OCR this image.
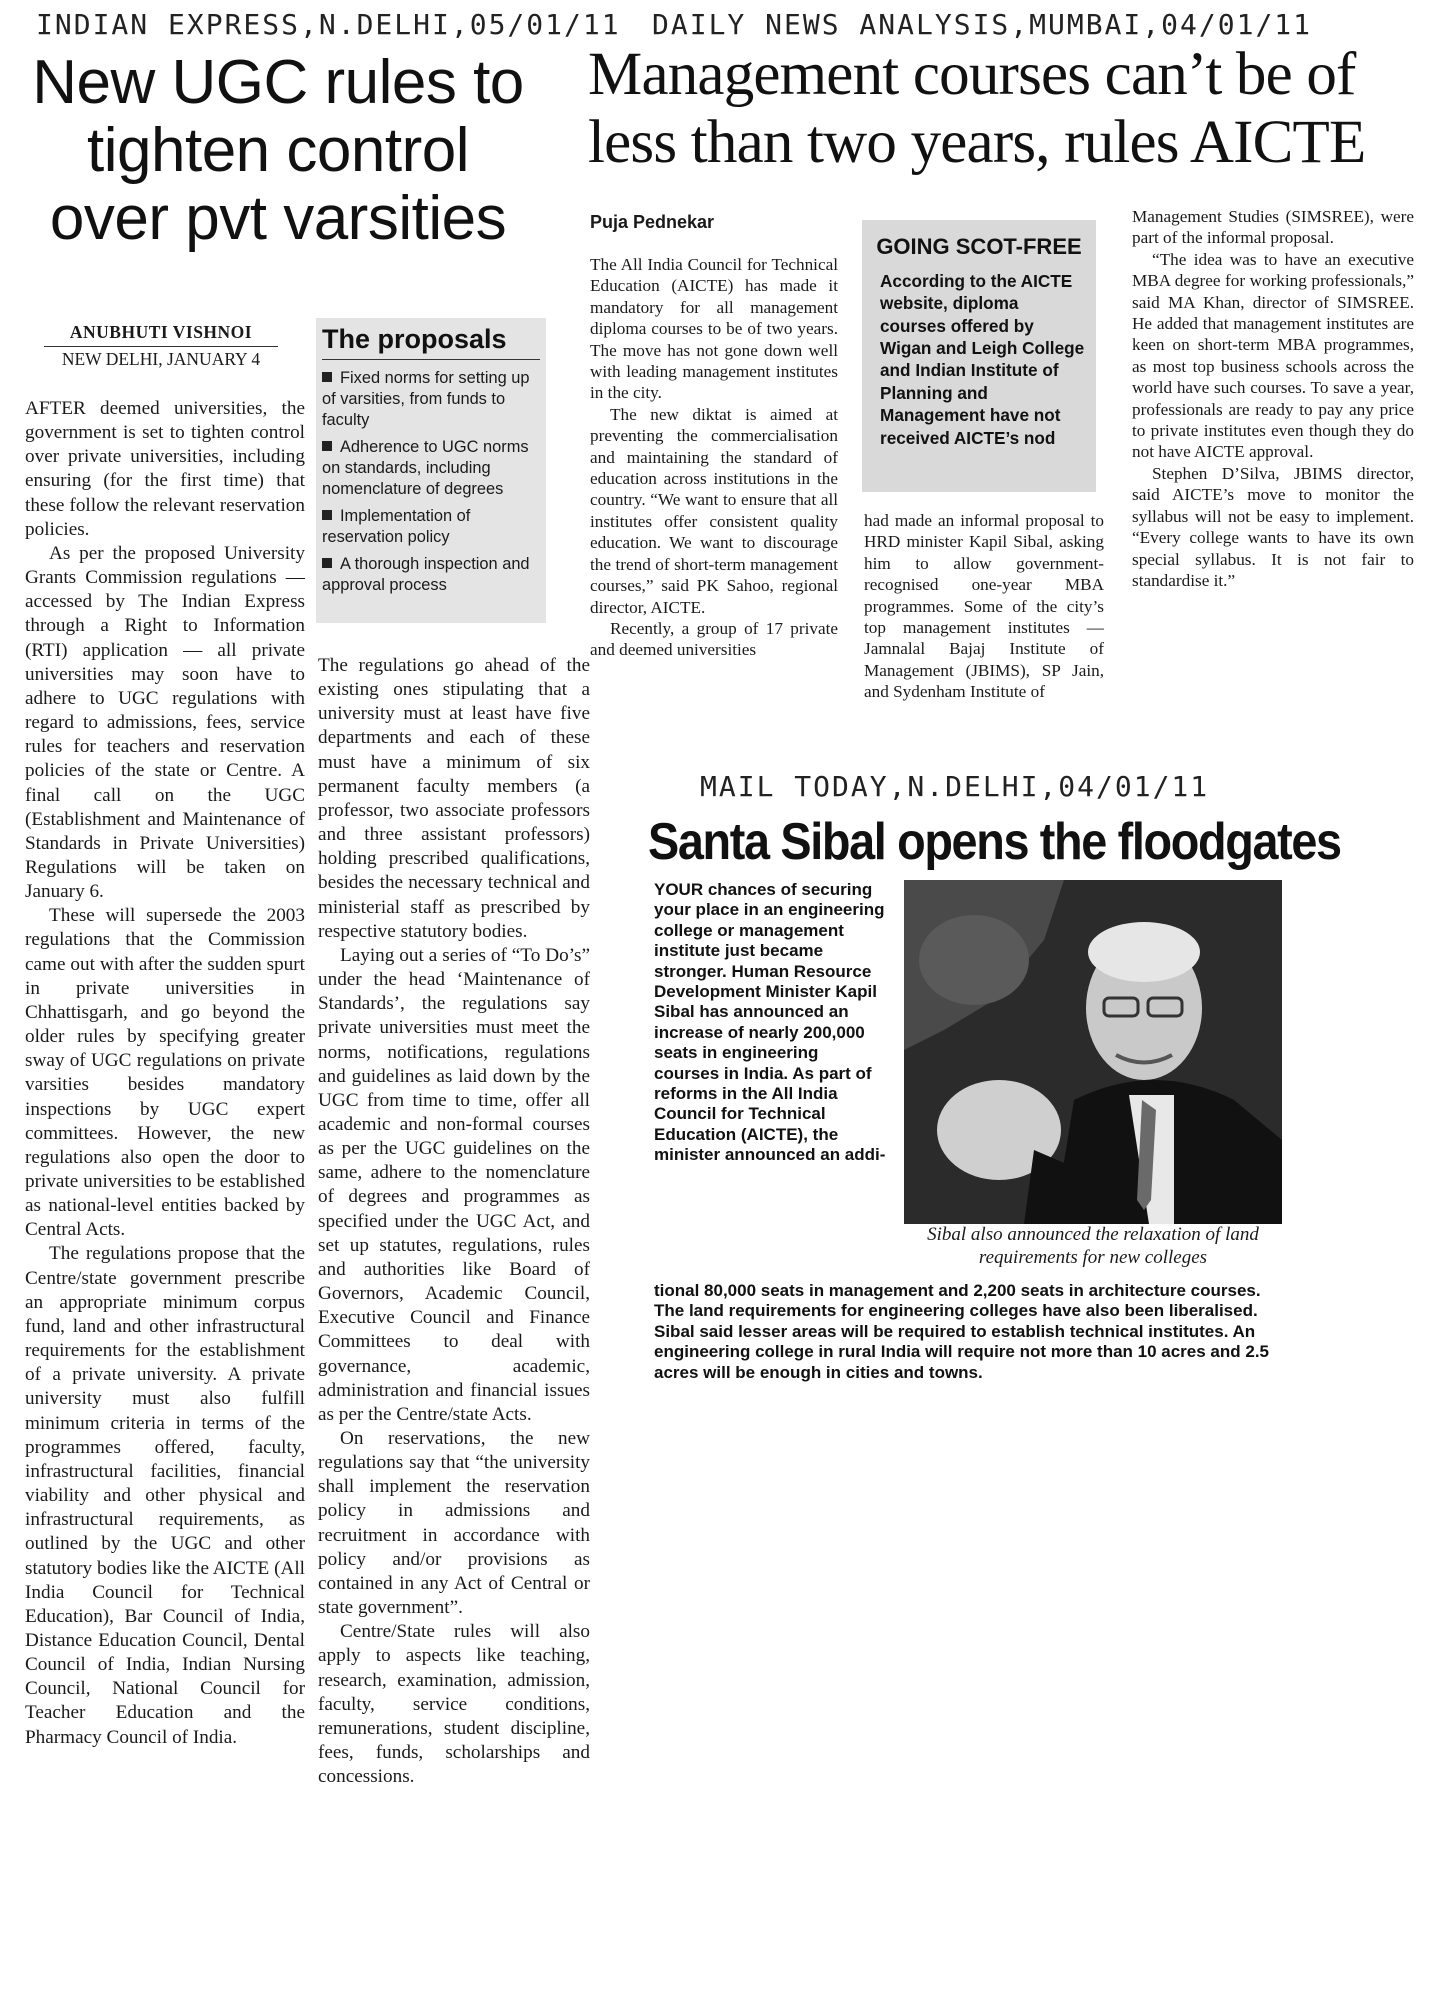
INDIAN EXPRESS,N.DELHI,05/01/11 DAILY NEWS ANALYSIS,MUMBAI,04/01/11
New UGC rules to
tighten control
over pvt varsities
ANUBHUTI VISHNOI
NEW DELHI, JANUARY 4

AFTER deemed universities, the government is set to tighten control over private universities, including ensuring (for the first time) that these follow the relevant reservation policies.

As per the proposed University Grants Commission regulations — accessed by The Indian Express through a Right to Information (RTI) application — all private universities may soon have to adhere to UGC regulations with regard to admissions, fees, service rules for teachers and reservation policies of the state or Centre. A final call on the UGC (Establishment and Maintenance of Standards in Private Universities) Regulations will be taken on January 6.

These will supersede the 2003 regulations that the Commission came out with after the sudden spurt in private universities in Chhattisgarh, and go beyond the older rules by specifying greater sway of UGC regulations on private varsities besides mandatory inspections by UGC expert committees. However, the new regulations also open the door to private universities to be established as national-level entities backed by Central Acts.

The regulations propose that the Centre/state government prescribe an appropriate minimum corpus fund, land and other infrastructural requirements for the establishment of a private university. A private university must also fulfill minimum criteria in terms of the programmes offered, faculty, infrastructural facilities, financial viability and other physical and infrastructural requirements, as outlined by the UGC and other statutory bodies like the AICTE (All India Council for Technical Education), Bar Council of India, Distance Education Council, Dental Council of India, Indian Nursing Council, National Council for Teacher Education and the Pharmacy Council of India.

The proposals
Fixed norms for setting up of varsities, from funds to faculty
Adherence to UGC norms on standards, including nomenclature of degrees
Implementation of reservation policy
A thorough inspection and approval process

The regulations go ahead of the existing ones stipulating that a university must at least have five departments and each of these must have a minimum of six permanent faculty members (a professor, two associate professors and three assistant professors) holding prescribed qualifications, besides the necessary technical and ministerial staff as prescribed by respective statutory bodies.

Laying out a series of “To Do’s” under the head ‘Maintenance of Standards’, the regulations say private universities must meet the norms, notifications, regulations and guidelines as laid down by the UGC from time to time, offer all academic and non-formal courses as per the UGC guidelines on the same, adhere to the nomenclature of degrees and programmes as specified under the UGC Act, and set up statutes, regulations, rules and authorities like Board of Governors, Academic Council, Executive Council and Finance Committees to deal with governance, academic, administration and financial issues as per the Centre/state Acts.

On reservations, the new regulations say that “the university shall implement the reservation policy in admissions and recruitment in accordance with policy and/or provisions as contained in any Act of Central or state government”.

Centre/State rules will also apply to aspects like teaching, research, examination, admission, faculty, service conditions, remunerations, student discipline, fees, funds, scholarships and concessions.

Management courses can’t be of
less than two years, rules AICTE
Puja Pednekar

The All India Council for Technical Education (AICTE) has made it mandatory for all management diploma courses to be of two years. The move has not gone down well with leading management institutes in the city.

The new diktat is aimed at preventing the commercialisation and maintaining the standard of education across institutions in the country. “We want to ensure that all institutes offer consistent quality education. We want to discourage the trend of short-term management courses,” said PK Sahoo, regional director, AICTE.

Recently, a group of 17 private and deemed universities

GOING SCOT-FREE
According to the AICTE website, diploma courses offered by Wigan and Leigh College and Indian Institute of Planning and Management have not received AICTE’s nod

had made an informal proposal to HRD minister Kapil Sibal, asking him to allow government-recognised one-year MBA programmes. Some of the city’s top management institutes — Jamnalal Bajaj Institute of Management (JBIMS), SP Jain, and Sydenham Institute of

Management Studies (SIMSREE), were part of the informal proposal.

“The idea was to have an executive MBA degree for working professionals,” said MA Khan, director of SIMSREE. He added that management institutes are keen on short-term MBA programmes, as most top business schools across the world have such courses. To save a year, professionals are ready to pay any price to private institutes even though they do not have AICTE approval.

Stephen D’Silva, JBIMS director, said AICTE’s move to monitor the syllabus will not be easy to implement. “Every college wants to have its own special syllabus. It is not fair to standardise it.”

MAIL TODAY,N.DELHI,04/01/11
Santa Sibal opens the floodgates
Sibal also announced the relaxation of land requirements for new colleges
YOUR chances of securing your place in an engineering college or management institute just became stronger. Human Resource Development Minister Kapil Sibal has announced an increase of nearly 200,000 seats in engineering courses in India. As part of reforms in the All India Council for Technical Education (AICTE), the minister announced an addi-
tional 80,000 seats in management and 2,200 seats in architecture courses. The land requirements for engineering colleges have also been liberalised. Sibal said lesser areas will be required to establish technical institutes. An engineering college in rural India will require not more than 10 acres and 2.5 acres will be enough in cities and towns.
